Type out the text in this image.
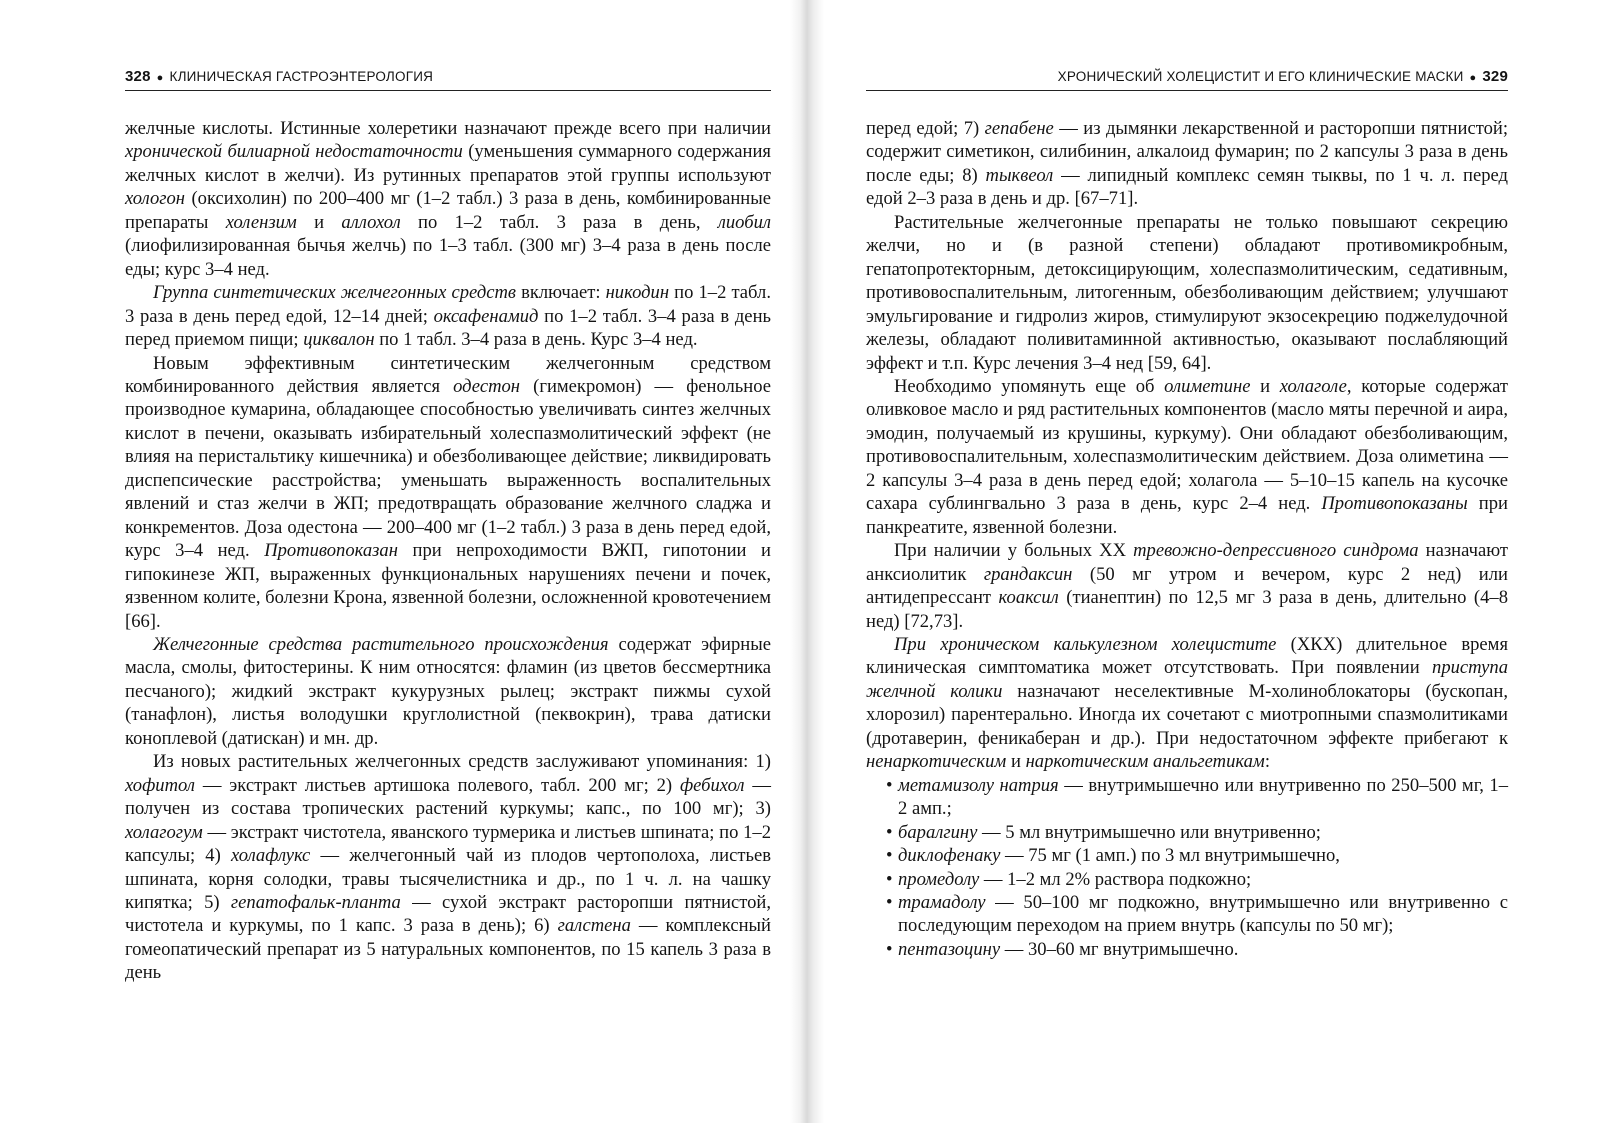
328 ● КЛИНИЧЕСКАЯ ГАСТРОЭНТЕРОЛОГИЯ

желчные кислоты. Истинные холеретики назначают прежде всего при наличии хронической билиарной недостаточности (уменьшения суммарного содержания желчных кислот в желчи). Из рутинных препаратов этой группы используют хологон (оксихолин) по 200–400 мг (1–2 табл.) 3 раза в день, комбинированные препараты холензим и аллохол по 1–2 табл. 3 раза в день, лиобил (лиофилизированная бычья желчь) по 1–3 табл. (300 мг) 3–4 раза в день после еды; курс 3–4 нед.

Группа синтетических желчегонных средств включает: никодин по 1–2 табл. 3 раза в день перед едой, 12–14 дней; оксафенамид по 1–2 табл. 3–4 раза в день перед приемом пищи; циквалон по 1 табл. 3–4 раза в день. Курс 3–4 нед.

Новым эффективным синтетическим желчегонным средством комбинированного действия является одестон (гимекромон) — фенольное производное кумарина, обладающее способностью увеличивать синтез желчных кислот в печени, оказывать избирательный холеспазмолитический эффект (не влияя на перистальтику кишечника) и обезболивающее действие; ликвидировать диспепсические расстройства; уменьшать выраженность воспалительных явлений и стаз желчи в ЖП; предотвращать образование желчного сладжа и конкрементов. Доза одестона — 200–400 мг (1–2 табл.) 3 раза в день перед едой, курс 3–4 нед. Противопоказан при непроходимости ВЖП, гипотонии и гипокинезе ЖП, выраженных функциональных нарушениях печени и почек, язвенном колите, болезни Крона, язвенной болезни, осложненной кровотечением [66].

Желчегонные средства растительного происхождения содержат эфирные масла, смолы, фитостерины. К ним относятся: фламин (из цветов бессмертника песчаного); жидкий экстракт кукурузных рылец; экстракт пижмы сухой (танафлон), листья володушки круглолистной (пеквокрин), трава датиски коноплевой (датискан) и мн. др.

Из новых растительных желчегонных средств заслуживают упоминания: 1) хофитол — экстракт листьев артишока полевого, табл. 200 мг; 2) фебихол — получен из состава тропических растений куркумы; капс., по 100 мг); 3) холагогум — экстракт чистотела, яванского турмерика и листьев шпината; по 1–2 капсулы; 4) холафлукс — желчегонный чай из плодов чертополоха, листьев шпината, корня солодки, травы тысячелистника и др., по 1 ч. л. на чашку кипятка; 5) гепатофальк-планта — сухой экстракт расторопши пятнистой, чистотела и куркумы, по 1 капс. 3 раза в день); 6) галстена — комплексный гомеопатический препарат из 5 натуральных компонентов, по 15 капель 3 раза в день

ХРОНИЧЕСКИЙ ХОЛЕЦИСТИТ И ЕГО КЛИНИЧЕСКИЕ МАСКИ ● 329

перед едой; 7) гепабене — из дымянки лекарственной и расторопши пятнистой; содержит симетикон, силибинин, алкалоид фумарин; по 2 капсулы 3 раза в день после еды; 8) тыквеол — липидный комплекс семян тыквы, по 1 ч. л. перед едой 2–3 раза в день и др. [67–71].

Растительные желчегонные препараты не только повышают секрецию желчи, но и (в разной степени) обладают противомикробным, гепатопротекторным, детоксицирующим, холеспазмолитическим, седативным, противовоспалительным, литогенным, обезболивающим действием; улучшают эмульгирование и гидролиз жиров, стимулируют экзосекрецию поджелудочной железы, обладают поливитаминной активностью, оказывают послабляющий эффект и т.п. Курс лечения 3–4 нед [59, 64].

Необходимо упомянуть еще об олиметине и холаголе, которые содержат оливковое масло и ряд растительных компонентов (масло мяты перечной и аира, эмодин, получаемый из крушины, куркуму). Они обладают обезболивающим, противовоспалительным, холеспазмолитическим действием. Доза олиметина — 2 капсулы 3–4 раза в день перед едой; холагола — 5–10–15 капель на кусочке сахара сублингвально 3 раза в день, курс 2–4 нед. Противопоказаны при панкреатите, язвенной болезни.

При наличии у больных ХХ тревожно-депрессивного синдрома назначают анксиолитик грандаксин (50 мг утром и вечером, курс 2 нед) или антидепрессант коаксил (тианептин) по 12,5 мг 3 раза в день, длительно (4–8 нед) [72,73].

При хроническом калькулезном холецистите (ХКХ) длительное время клиническая симптоматика может отсутствовать. При появлении приступа желчной колики назначают неселективные М-холиноблокаторы (бускопан, хлорозил) парентерально. Иногда их сочетают с миотропными спазмолитиками (дротаверин, феникаберан и др.). При недостаточном эффекте прибегают к ненаркотическим и наркотическим анальгетикам:

• метамизолу натрия — внутримышечно или внутривенно по 250–500 мг, 1–2 амп.;
• баралгину — 5 мл внутримышечно или внутривенно;
• диклофенаку — 75 мг (1 амп.) по 3 мл внутримышечно,
• промедолу — 1–2 мл 2% раствора подкожно;
• трамадолу — 50–100 мг подкожно, внутримышечно или внутривенно с последующим переходом на прием внутрь (капсулы по 50 мг);
• пентазоцину — 30–60 мг внутримышечно.
